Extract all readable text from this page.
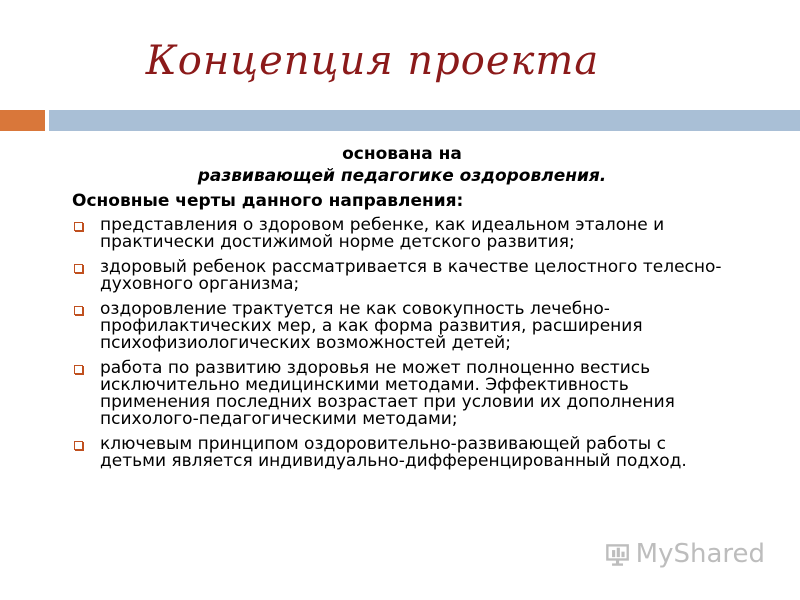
Концепция проекта
основана на
развивающей педагогике оздоровления.
Основные черты данного направления:
представления о здоровом ребенке, как идеальном эталоне и практически достижимой норме детского развития;
здоровый ребенок рассматривается в качестве целостного телесно-духовного организма;
оздоровление трактуется не как совокупность лечебно-профилактических мер, а как форма развития, расширения психофизиологических возможностей детей;
работа по развитию здоровья не может полноценно вестись исключительно медицинскими методами. Эффективность применения последних возрастает при условии их дополнения психолого-педагогическими методами;
ключевым принципом оздоровительно-развивающей работы с детьми является индивидуально-дифференцированный подход.
MyShared
